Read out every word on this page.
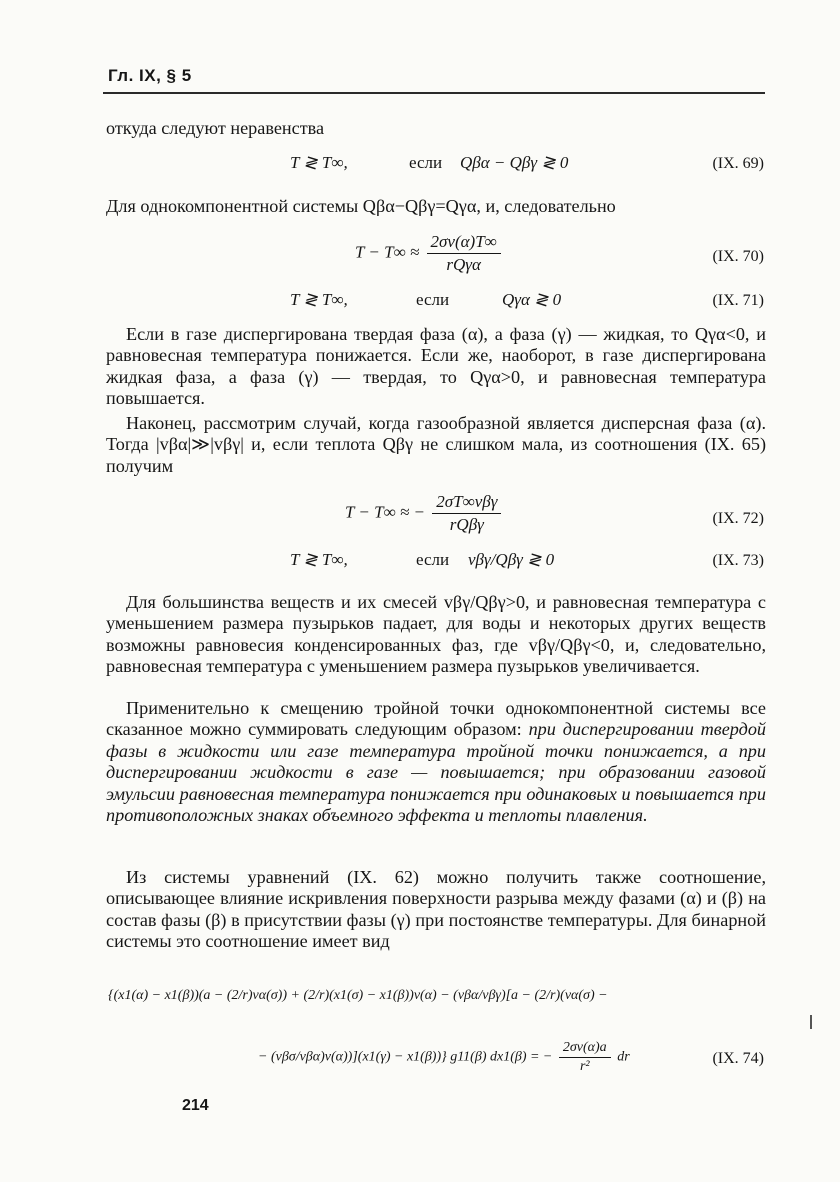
Гл. IX, § 5
откуда следуют неравенства
T ≷ T∞,	если Qβα − Qβγ ≷ 0	(IX. 69)
Для однокомпонентной системы Qβα−Qβγ=Qγα, и, следовательно
$T - T\infty \approx \frac{2\sigma v(\alpha)T\infty}{\text{rQγα}}$	(IX. 70)
T ≷ T∞,	если	Qγα ≷ 0	(IX. 71)
Если в газе диспергирована твердая фаза (α), а фаза (γ) — жидкая, то Qγα<0, и равновесная температура понижается. Если же, наоборот, в газе диспергирована жидкая фаза, а фаза (γ) — твердая, то Qγα>0, и равновесная температура повышается.
Наконец, рассмотрим случай, когда газообразной является дисперсная фаза (α). Тогда |vβα|≫|vβγ| и, если теплота Qβγ не слишком мала, из соотношения (IX. 65) получим
T − T∞ ≈ − $\frac{\text{2σT∞vβγ}}{\text{rQβγ}}$	(IX. 72)
T ≷ T∞,	если vβγ/Qβγ ≷ 0	(IX. 73)
Для большинства веществ и их смесей vβγ/Qβγ>0, и равновесная температура с уменьшением размера пузырьков падает, для воды и некоторых других веществ возможны равновесия конденсированных фаз, где vβγ/Qβγ<0, и, следовательно, равновесная температура с уменьшением размера пузырьков увеличивается.
Применительно к смещению тройной точки однокомпонентной системы все сказанное можно суммировать следующим образом: при диспергировании твердой фазы в жидкости или газе температура тройной точки понижается, а при диспергировании жидкости в газе — повышается; при образовании газовой эмульсии равновесная температура понижается при одинаковых и повышается при противоположных знаках объемного эффекта и теплоты плавления.
Из системы уравнений (IX. 62) можно получить также соотношение, описывающее влияние искривления поверхности разрыва между фазами (α) и (β) на состав фазы (β) в присутствии фазы (γ) при постоянстве температуры. Для бинарной системы это соотношение имеет вид
{(x1(α) − x1(β))(a − (2/r)vα(σ)) + (2/r)(x1(σ) − x1(β))v(α) − (vβα/vβγ)[a − (2/r)(vα(σ) −
− (vβσ/vβα)v(α))](x1(γ) − x1(β))} g11(β) dx1(β) = − $\frac{2\sigma v(\alpha)a}{\text{r²}}$ dr	(IX. 74)
214
